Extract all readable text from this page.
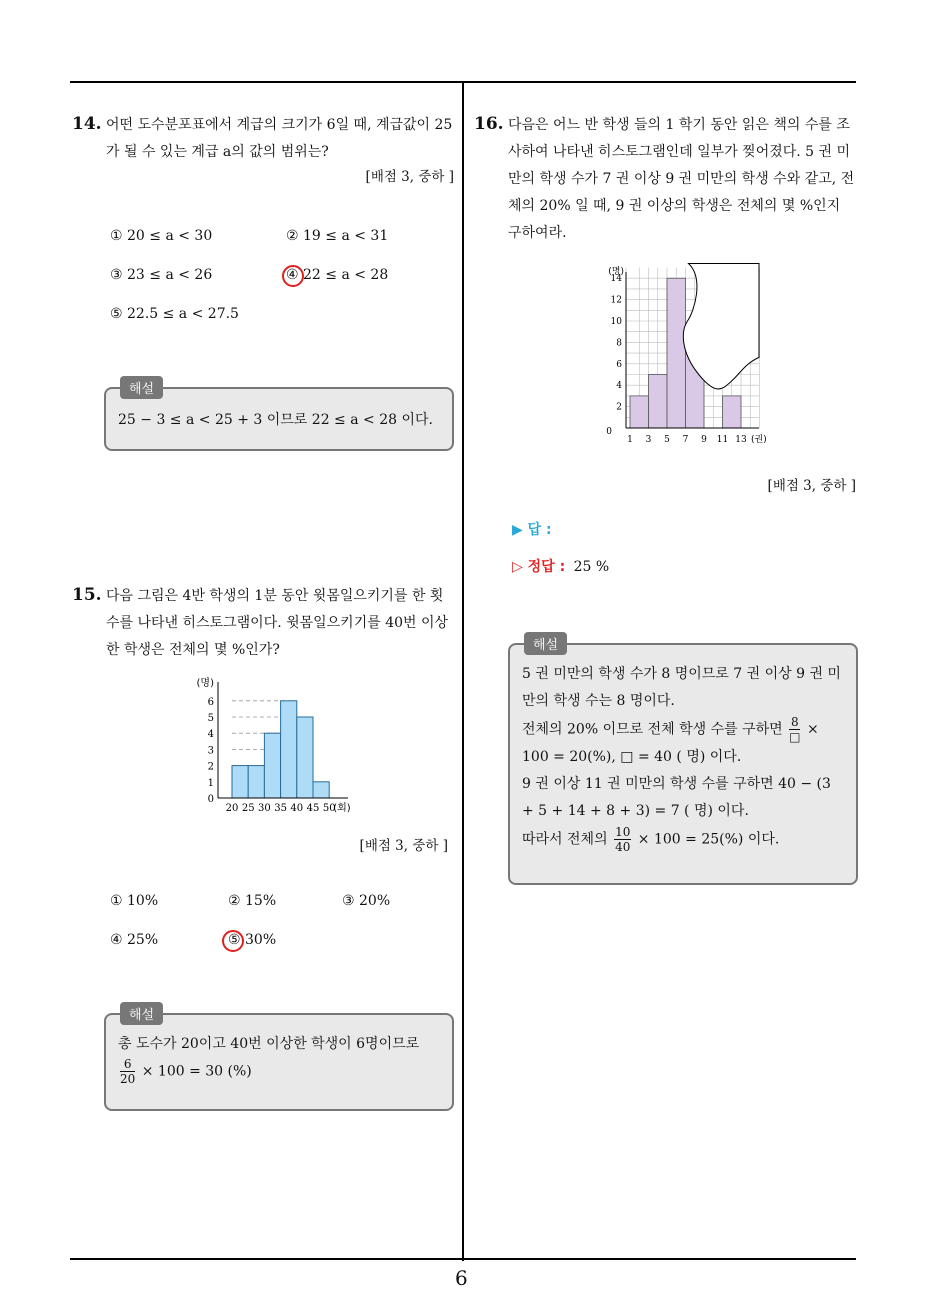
14. 어떤 도수분포표에서 계급의 크기가 6일 때, 계급값이 25가 될 수 있는 계급 a의 값의 범위는?
[배점 3, 중하 ]
① 20 ≤ a < 30	② 19 ≤ a < 31
③ 23 ≤ a < 26	④ 22 ≤ a < 28
⑤ 22.5 ≤ a < 27.5
해설
25 − 3 ≤ a < 25 + 3 이므로 22 ≤ a < 28 이다.
15. 다음 그림은 4반 학생의 1분 동안 윗몸일으키기를 한 횟수를 나타낸 히스토그램이다. 윗몸일으키기를 40번 이상한 학생은 전체의 몇 %인가?
0
1
2
3
4
5
6
(명)
20 25 30 35 40 45 50
(회)
[배점 3, 중하 ]
① 10%	② 15%	③ 20%
④ 25%	⑤ 30%
해설
총 도수가 20이고 40번 이상한 학생이 6명이므로
$\frac{6}{20} \times 100 = 30$ (%)
16. 다음은 어느 반 학생 들의 1 학기 동안 읽은 책의 수를 조사하여 나타낸 히스토그램인데 일부가 찢어졌다. 5 권 미만의 학생 수가 7 권 이상 9 권 미만의 학생 수와 같고, 전체의 20% 일 때, 9 권 이상의 학생은 전체의 몇 %인지 구하여라.
0
2
4
6
8
10
12
14
(명)
1 3 5 7 9 11 13 (권)
[배점 3, 중하 ]
▶ 답 :
▷ 정답 : 25 %
해설
5 권 미만의 학생 수가 8 명이므로 7 권 이상 9 권 미만의 학생 수는 8 명이다.
전체의 20% 이므로 전체 학생 수를 구하면 $\frac{8}{□}$ ×
100 = 20(%), □ = 40 ( 명) 이다.
9 권 이상 11 권 미만의 학생 수를 구하면 40 − (3 + 5 + 14 + 8 + 3) = 7 ( 명) 이다.
따라서 전체의 $\frac{10}{40} \times 100 = 25(\%)$ 이다.
6
